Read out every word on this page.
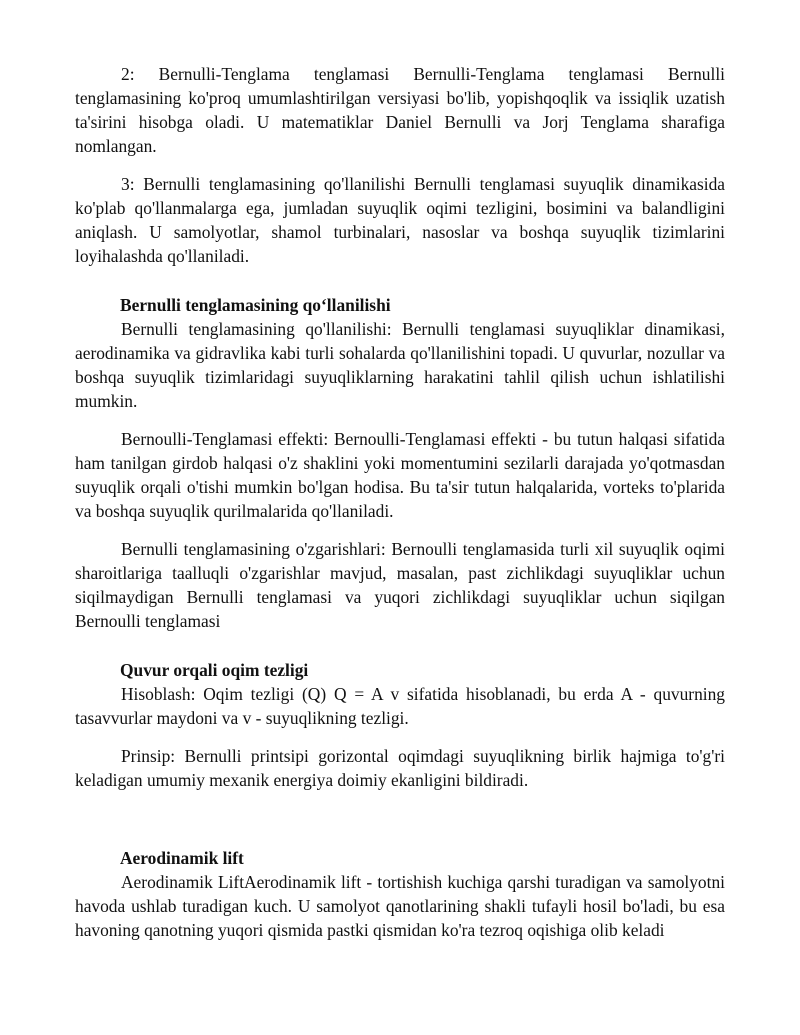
2: Bernulli-Tenglama tenglamasi Bernulli-Tenglama tenglamasi Bernulli tenglamasining ko'proq umumlashtirilgan versiyasi bo'lib, yopishqoqlik va issiqlik uzatish ta'sirini hisobga oladi. U matematiklar Daniel Bernulli va Jorj Tenglama sharafiga nomlangan.

3: Bernulli tenglamasining qo'llanilishi Bernulli tenglamasi suyuqlik dinamikasida ko'plab qo'llanmalarga ega, jumladan suyuqlik oqimi tezligini, bosimini va balandligini aniqlash. U samolyotlar, shamol turbinalari, nasoslar va boshqa suyuqlik tizimlarini loyihalashda qo'llaniladi.

Bernulli tenglamasining qo‘llanilishi

Bernulli tenglamasining qo'llanilishi: Bernulli tenglamasi suyuqliklar dinamikasi, aerodinamika va gidravlika kabi turli sohalarda qo'llanilishini topadi. U quvurlar, nozullar va boshqa suyuqlik tizimlaridagi suyuqliklarning harakatini tahlil qilish uchun ishlatilishi mumkin.

Bernoulli-Tenglamasi effekti: Bernoulli-Tenglamasi effekti - bu tutun halqasi sifatida ham tanilgan girdob halqasi o'z shaklini yoki momentumini sezilarli darajada yo'qotmasdan suyuqlik orqali o'tishi mumkin bo'lgan hodisa. Bu ta'sir tutun halqalarida, vorteks to'plarida va boshqa suyuqlik qurilmalarida qo'llaniladi.

Bernulli tenglamasining o'zgarishlari: Bernoulli tenglamasida turli xil suyuqlik oqimi sharoitlariga taalluqli o'zgarishlar mavjud, masalan, past zichlikdagi suyuqliklar uchun siqilmaydigan Bernulli tenglamasi va yuqori zichlikdagi suyuqliklar uchun siqilgan Bernoulli tenglamasi

Quvur orqali oqim tezligi

Hisoblash: Oqim tezligi (Q) Q = A v sifatida hisoblanadi, bu erda A - quvurning tasavvurlar maydoni va v - suyuqlikning tezligi.

Prinsip: Bernulli printsipi gorizontal oqimdagi suyuqlikning birlik hajmiga to'g'ri keladigan umumiy mexanik energiya doimiy ekanligini bildiradi.

Aerodinamik lift

Aerodinamik LiftAerodinamik lift - tortishish kuchiga qarshi turadigan va samolyotni havoda ushlab turadigan kuch. U samolyot qanotlarining shakli tufayli hosil bo'ladi, bu esa havoning qanotning yuqori qismida pastki qismidan ko'ra tezroq oqishiga olib keladi
